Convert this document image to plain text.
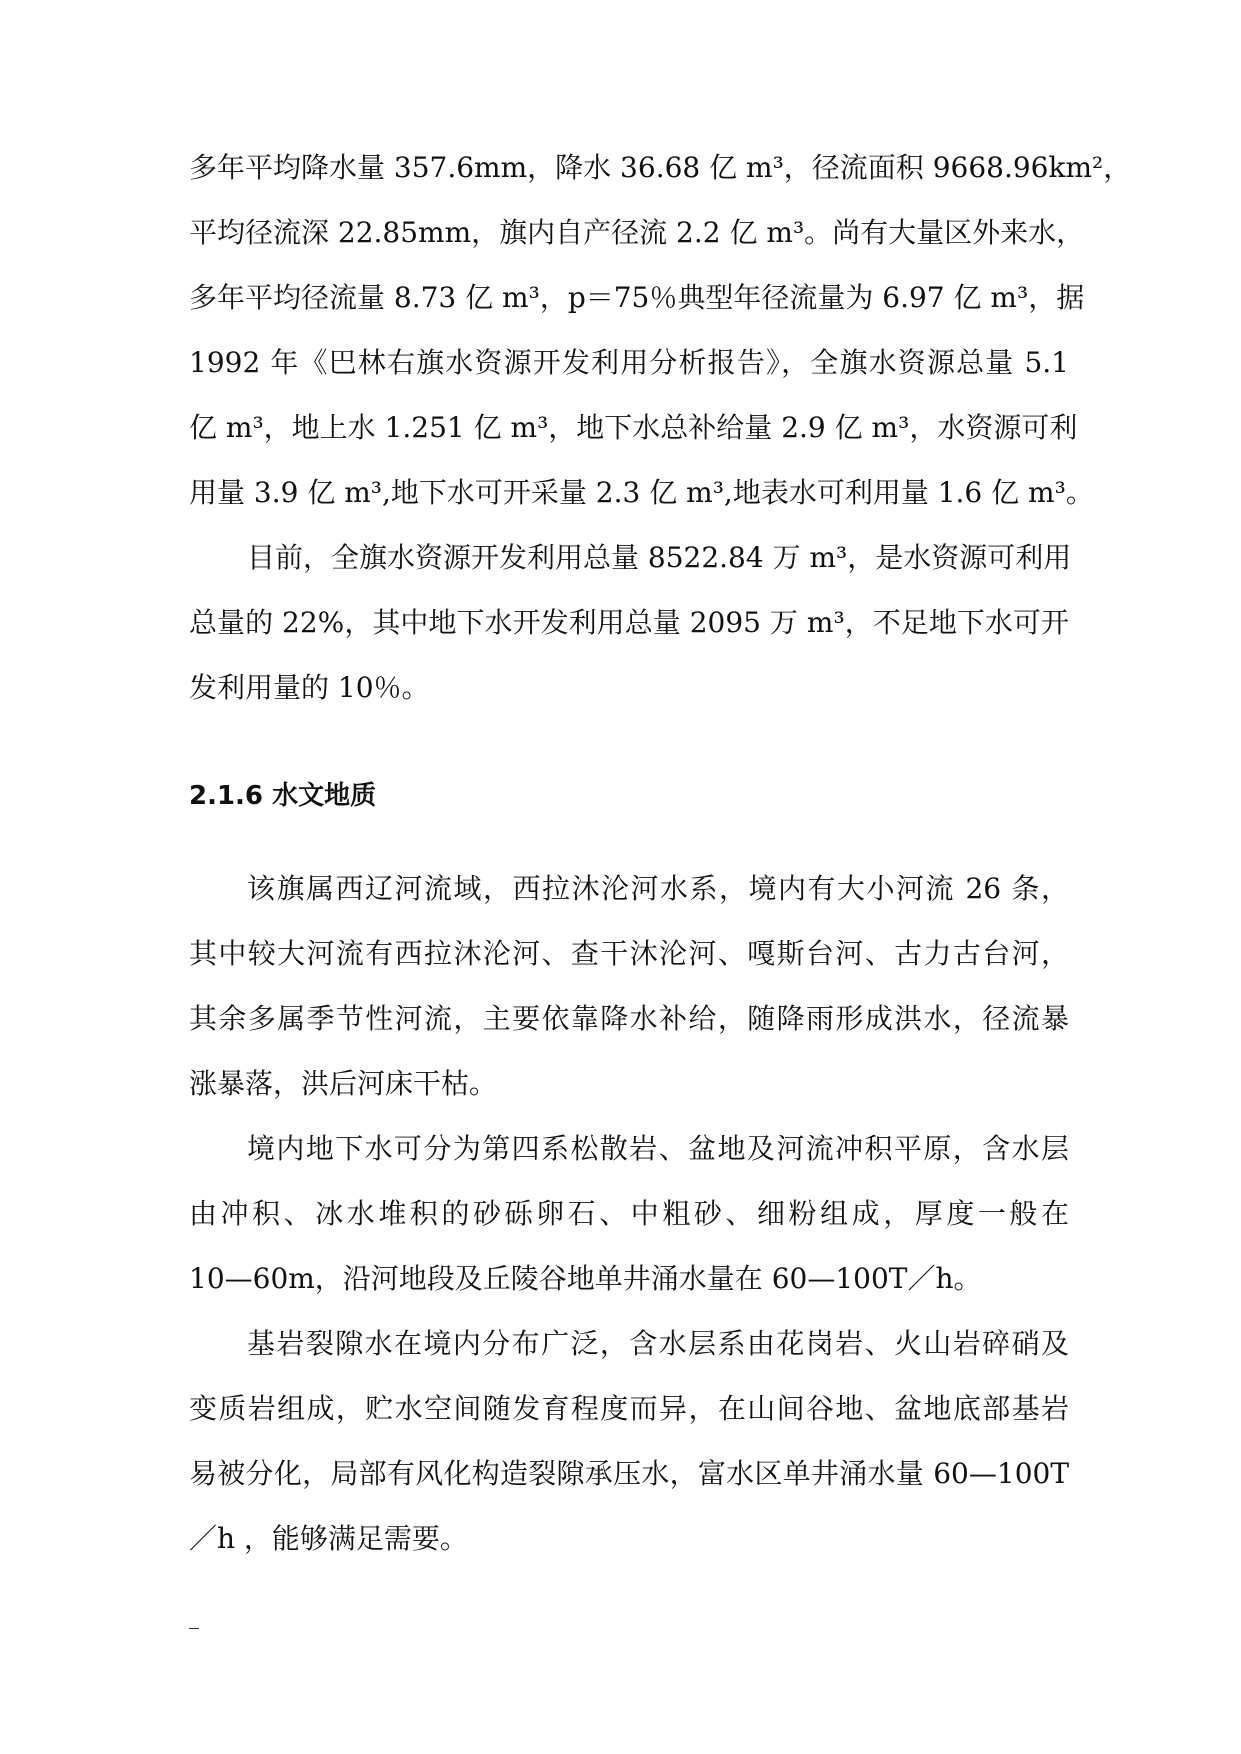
多年平均降水量 357.6mm，降水 36.68 亿 m³，径流面积 9668.96km²，
平均径流深 22.85mm，旗内自产径流 2.2 亿 m³。尚有大量区外来水，
多年平均径流量 8.73 亿 m³，p＝75％典型年径流量为 6.97 亿 m³，据
1992 年《巴林右旗水资源开发利用分析报告》，全旗水资源总量 5.1
亿 m³，地上水 1.251 亿 m³，地下水总补给量 2.9 亿 m³，水资源可利
用量 3.9 亿 m³,地下水可开采量 2.3 亿 m³,地表水可利用量 1.6 亿 m³。
目前，全旗水资源开发利用总量 8522.84 万 m³，是水资源可利用
总量的 22%，其中地下水开发利用总量 2095 万 m³，不足地下水可开
发利用量的 10％。
2.1.6 水文地质
该旗属西辽河流域，西拉沐沦河水系，境内有大小河流 26 条，
其中较大河流有西拉沐沦河、查干沐沦河、嘎斯台河、古力古台河，
其余多属季节性河流，主要依靠降水补给，随降雨形成洪水，径流暴
涨暴落，洪后河床干枯。
境内地下水可分为第四系松散岩、盆地及河流冲积平原，含水层
由冲积、冰水堆积的砂砾卵石、中粗砂、细粉组成，厚度一般在
10—60m，沿河地段及丘陵谷地单井涌水量在 60—100T／h。
基岩裂隙水在境内分布广泛，含水层系由花岗岩、火山岩碎硝及
变质岩组成，贮水空间随发育程度而异，在山间谷地、盆地底部基岩
易被分化，局部有风化构造裂隙承压水，富水区单井涌水量 60—100T
／h ，能够满足需要。
